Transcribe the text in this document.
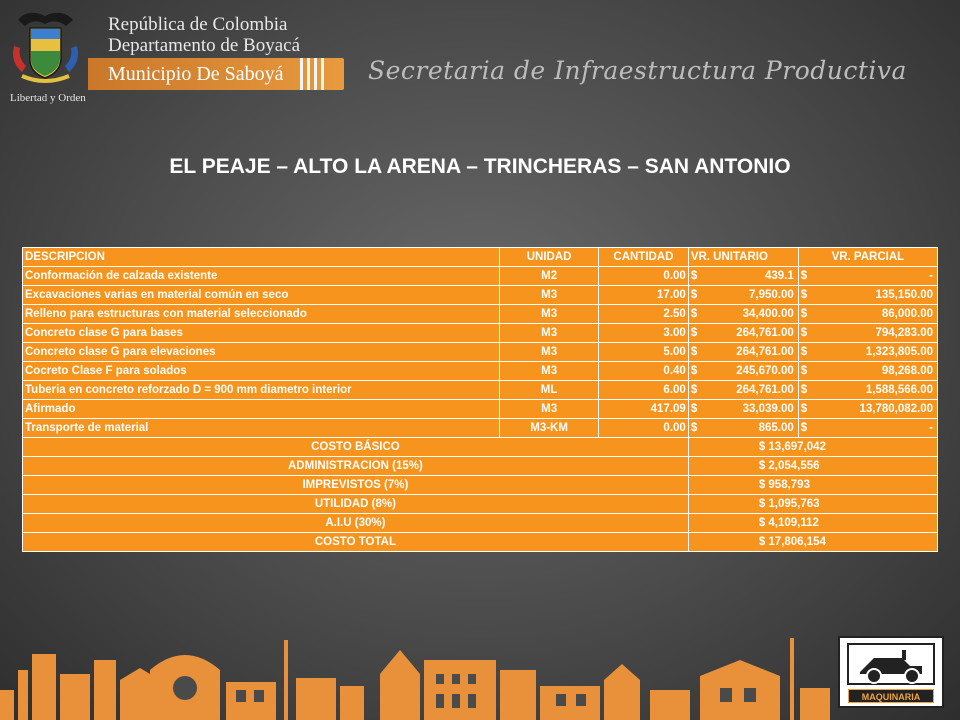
Libertad y Orden
República de Colombia
Departamento de Boyacá
Municipio De Saboyá	Secretaria de Infraestructura Productiva
EL PEAJE – ALTO LA ARENA – TRINCHERAS – SAN ANTONIO
DESCRIPCION	UNIDAD	CANTIDAD	VR. UNITARIO	VR. PARCIAL
Conformación de calzada existente	M2	0.00	$ 439.1	$ -

Excavaciones varias en material común en seco	M3	17.00	$ 7,950.00	$ 135,150.00

Relleno para estructuras con material seleccionado	M3	2.50	$ 34,400.00	$ 86,000.00

Concreto clase G para bases	M3	3.00	$ 264,761.00	$ 794,283.00

Concreto clase G para elevaciones	M3	5.00	$ 264,761.00	$ 1,323,805.00

Cocreto Clase F para solados	M3	0.40	$ 245,670.00	$ 98,268.00

Tuberia en concreto reforzado D = 900 mm diametro interior	ML	6.00	$ 264,761.00	$ 1,588,566.00

Afirmado	M3	417.09	$ 33,039.00	$ 13,780,082.00

Transporte de material	M3-KM	0.00	$ 865.00	$ -

COSTO BÁSICO			$ 13,697,042	
ADMINISTRACION (15%)			$ 2,054,556	
IMPREVISTOS (7%)			$ 958,793	
UTILIDAD (8%)			$ 1,095,763	
A.I.U (30%)			$ 4,109,112	
COSTO TOTAL			$ 17,806,154	
MAQUINARIA
